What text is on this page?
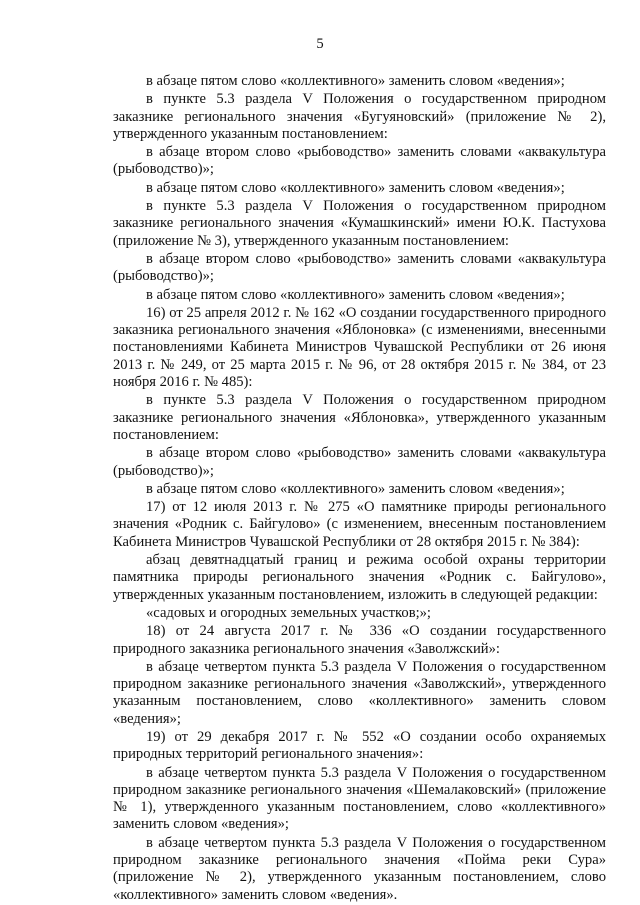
5

в абзаце пятом слово «коллективного» заменить словом «ведения»;

в пункте 5.3 раздела V Положения о государственном природном заказнике регионального значения «Бугуяновский» (приложение № 2), утвержденного указанным постановлением:

в абзаце втором слово «рыбоводство» заменить словами «аквакультура (рыбоводство)»;

в абзаце пятом слово «коллективного» заменить словом «ведения»;

в пункте 5.3 раздела V Положения о государственном природном заказнике регионального значения «Кумашкинский» имени Ю.К. Пастухова (приложение № 3), утвержденного указанным постановлением:

в абзаце втором слово «рыбоводство» заменить словами «аквакультура (рыбоводство)»;

в абзаце пятом слово «коллективного» заменить словом «ведения»;

16) от 25 апреля 2012 г. № 162 «О создании государственного природного заказника регионального значения «Яблоновка» (с изменениями, внесенными постановлениями Кабинета Министров Чувашской Республики от 26 июня 2013 г. № 249, от 25 марта 2015 г. № 96, от 28 октября 2015 г. № 384, от 23 ноября 2016 г. № 485):

в пункте 5.3 раздела V Положения о государственном природном заказнике регионального значения «Яблоновка», утвержденного указанным постановлением:

в абзаце втором слово «рыбоводство» заменить словами «аквакультура (рыбоводство)»;

в абзаце пятом слово «коллективного» заменить словом «ведения»;

17) от 12 июля 2013 г. № 275 «О памятнике природы регионального значения «Родник с. Байгулово» (с изменением, внесенным постановлением Кабинета Министров Чувашской Республики от 28 октября 2015 г. № 384):

абзац девятнадцатый границ и режима особой охраны территории памятника природы регионального значения «Родник с. Байгулово», утвержденных указанным постановлением, изложить в следующей редакции:

«садовых и огородных земельных участков;»;

18) от 24 августа 2017 г. № 336 «О создании государственного природного заказника регионального значения «Заволжский»:

в абзаце четвертом пункта 5.3 раздела V Положения о государственном природном заказнике регионального значения «Заволжский», утвержденного указанным постановлением, слово «коллективного» заменить словом «ведения»;

19) от 29 декабря 2017 г. № 552 «О создании особо охраняемых природных территорий регионального значения»:

в абзаце четвертом пункта 5.3 раздела V Положения о государственном природном заказнике регионального значения «Шемалаковский» (приложение № 1), утвержденного указанным постановлением, слово «коллективного» заменить словом «ведения»;

в абзаце четвертом пункта 5.3 раздела V Положения о государственном природном заказнике регионального значения «Пойма реки Сура» (приложение № 2), утвержденного указанным постановлением, слово «коллективного» заменить словом «ведения».
